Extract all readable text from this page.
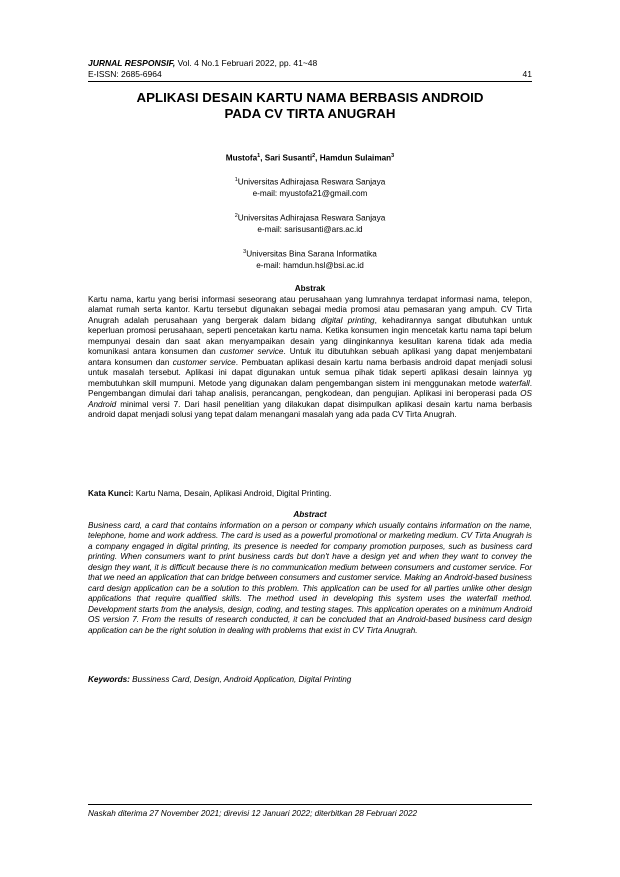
JURNAL RESPONSIF, Vol. 4 No.1 Februari 2022, pp. 41~48
E-ISSN: 2685-6964	41
APLIKASI DESAIN KARTU NAMA BERBASIS ANDROID
PADA CV TIRTA ANUGRAH
Mustofa$^1$, Sari Susanti$^2$, Hamdun Sulaiman$^3$
$^1$Universitas Adhirajasa Reswara Sanjaya
e-mail: myustofa21@gmail.com
$^2$Universitas Adhirajasa Reswara Sanjaya
e-mail: sarisusanti@ars.ac.id
$^3$Universitas Bina Sarana Informatika
e-mail: hamdun.hsl@bsi.ac.id
Abstrak
Kartu nama, kartu yang berisi informasi seseorang atau perusahaan yang lumrahnya terdapat informasi nama, telepon, alamat rumah serta kantor. Kartu tersebut digunakan sebagai media promosi atau pemasaran yang ampuh. CV Tirta Anugrah adalah perusahaan yang bergerak dalam bidang digital printing, kehadirannya sangat dibutuhkan untuk keperluan promosi perusahaan, seperti pencetakan kartu nama. Ketika konsumen ingin mencetak kartu nama tapi belum mempunyai desain dan saat akan menyampaikan desain yang diinginkannya kesulitan karena tidak ada media komunikasi antara konsumen dan customer service. Untuk itu dibutuhkan sebuah aplikasi yang dapat menjembatani antara konsumen dan customer service. Pembuatan aplikasi desain kartu nama berbasis android dapat menjadi solusi untuk masalah tersebut. Aplikasi ini dapat digunakan untuk semua pihak tidak seperti aplikasi desain lainnya yg membutuhkan skill mumpuni. Metode yang digunakan dalam pengembangan sistem ini menggunakan metode waterfall. Pengembangan dimulai dari tahap analisis, perancangan, pengkodean, dan pengujian. Aplikasi ini beroperasi pada OS Android minimal versi 7. Dari hasil penelitian yang dilakukan dapat disimpulkan aplikasi desain kartu nama berbasis android dapat menjadi solusi yang tepat dalam menangani masalah yang ada pada CV Tirta Anugrah.
Kata Kunci: Kartu Nama, Desain, Aplikasi Android, Digital Printing.
Abstract
Business card, a card that contains information on a person or company which usually contains information on the name, telephone, home and work address. The card is used as a powerful promotional or marketing medium. CV Tirta Anugrah is a company engaged in digital printing, its presence is needed for company promotion purposes, such as business card printing. When consumers want to print business cards but don't have a design yet and when they want to convey the design they want, it is difficult because there is no communication medium between consumers and customer service. For that we need an application that can bridge between consumers and customer service. Making an Android-based business card design application can be a solution to this problem. This application can be used for all parties unlike other design applications that require qualified skills. The method used in developing this system uses the waterfall method. Development starts from the analysis, design, coding, and testing stages. This application operates on a minimum Android OS version 7. From the results of research conducted, it can be concluded that an Android-based business card design application can be the right solution in dealing with problems that exist in CV Tirta Anugrah.
Keywords: Bussiness Card, Design, Android Application, Digital Printing
Naskah diterima 27 November 2021; direvisi 12 Januari 2022; diterbitkan 28 Februari 2022
